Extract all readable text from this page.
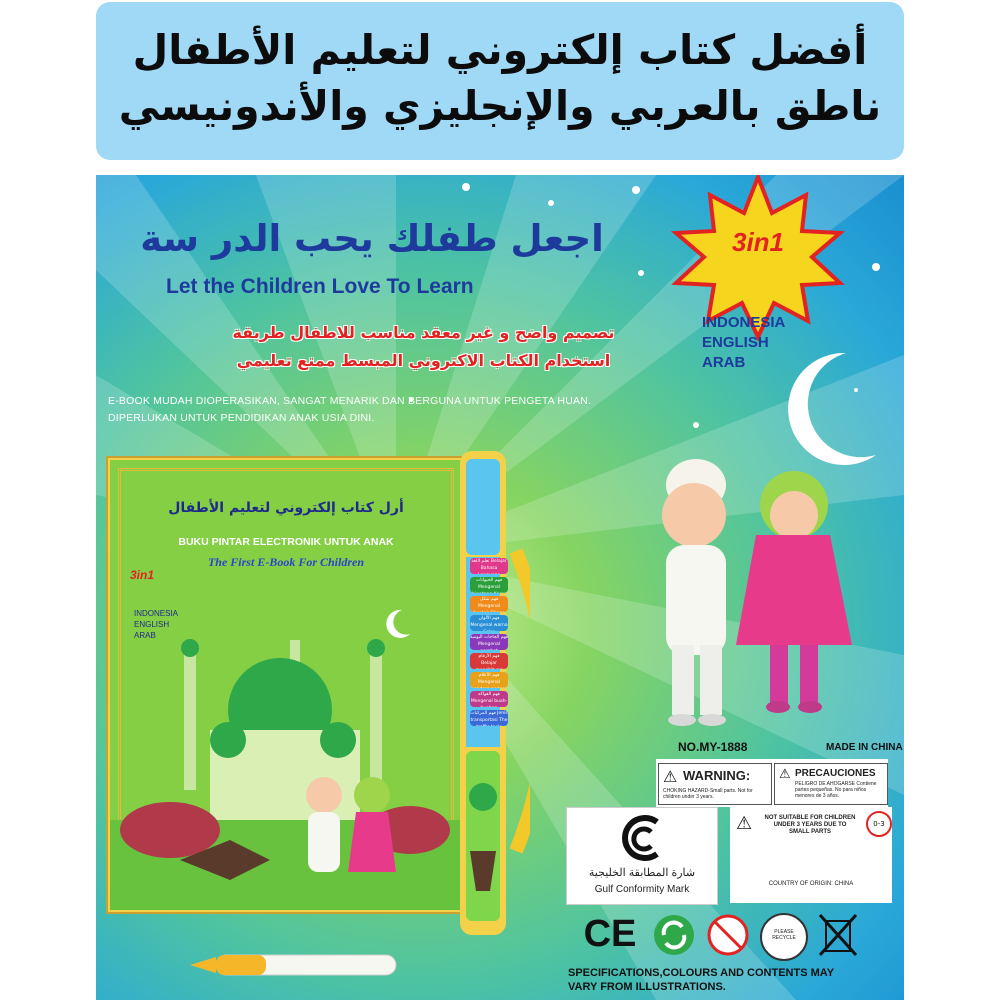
أفضل كتاب إلكتروني لتعليم الأطفال
ناطق بالعربي والإنجليزي والأندونيسي
اجعل طفلك يحب الدر سة
Let the Children Love To Learn
تصميم واضح و غير معقد مناسب للاطفال طريقة
استخدام الكتاب الاكتروني المبسط ممتع تعليمي
E-BOOK MUDAH DIOPERASIKAN, SANGAT MENARIK DAN BERGUNA UNTUK PENGETA HUAN.
DIPERLUKAN UNTUK PENDIDIKAN ANAK USIA DINI.
3in1
INDONESIA
ENGLISH
ARAB
أرل كتاب إلكتروني لتعليم الأطفال
BUKU PINTAR ELECTRONIK UNTUK ANAK
The First E-Book For Children
3in1
INDONESIA
ENGLISH
ARAB
تعلم اللغة Belajar Bahasa
فهم الحيوانات Mengenal
فهم شكل Mengenal
فهم الألوان Mengenal warna
فهم الحاجات اليومية Mengenal
فهم الأرقام Belajar
فهم الأعلام Mengenal
فهم الفواكه Mengenal buah-
فهم المركبات Jenis transportasi The
NO.MY-1888	MADE IN CHINA
⚠ WARNING:
CHOKING HAZARD-Small parts. Not for children under 3 years.
⚠ PRECAUCIONES
PELIGRO DE AHOGARSE Contiene partes pequeñas. No para niños menores de 3 años.
شارة المطابقة الخليجية
Gulf Conformity Mark
⚠ NOT SUITABLE FOR CHILDREN UNDER 3 YEARS DUE TO SMALL PARTS
0-3
COUNTRY OF ORIGIN: CHINA
CE	PLEASE RECYCLE
SPECIFICATIONS,COLOURS AND CONTENTS MAY
VARY FROM ILLUSTRATIONS.
